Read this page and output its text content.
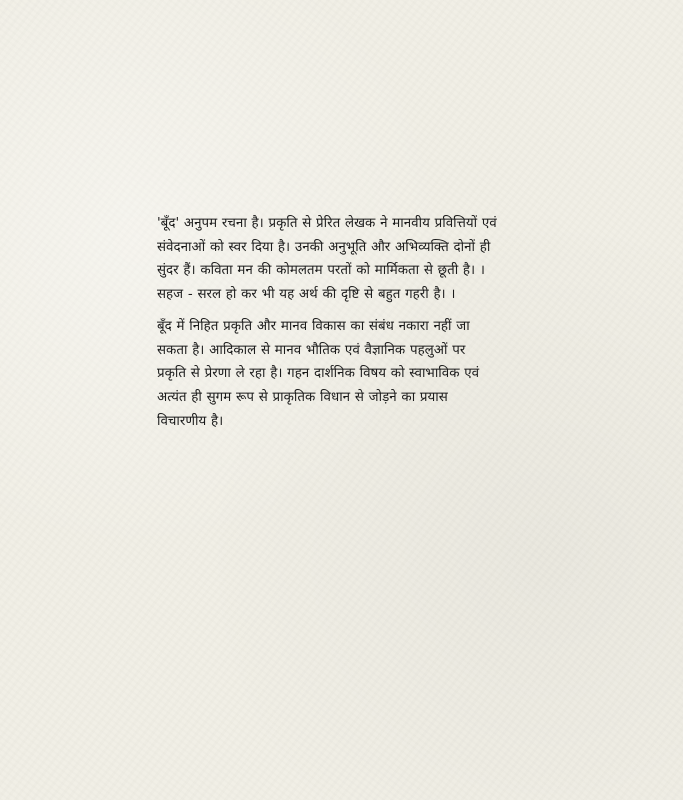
'बूँद' अनुपम रचना है। प्रकृति से प्रेरित लेखक ने मानवीय प्रवित्तियों एवं
संवेदनाओं को स्वर दिया है। उनकी अनुभूति और अभिव्यक्ति दोनों ही
सुंदर हैं। कविता मन की कोमलतम परतों को मार्मिकता से छूती है। ।
सहज - सरल हो कर भी यह अर्थ की दृष्टि से बहुत गहरी है। ।

बूँद में निहित प्रकृति और मानव विकास का संबंध नकारा नहीं जा
सकता है। आदिकाल से मानव भौतिक एवं वैज्ञानिक पहलुओं पर
प्रकृति से प्रेरणा ले रहा है। गहन दार्शनिक विषय को स्वाभाविक एवं
अत्यंत ही सुगम रूप से प्राकृतिक विधान से जोड़ने का प्रयास
विचारणीय है।
